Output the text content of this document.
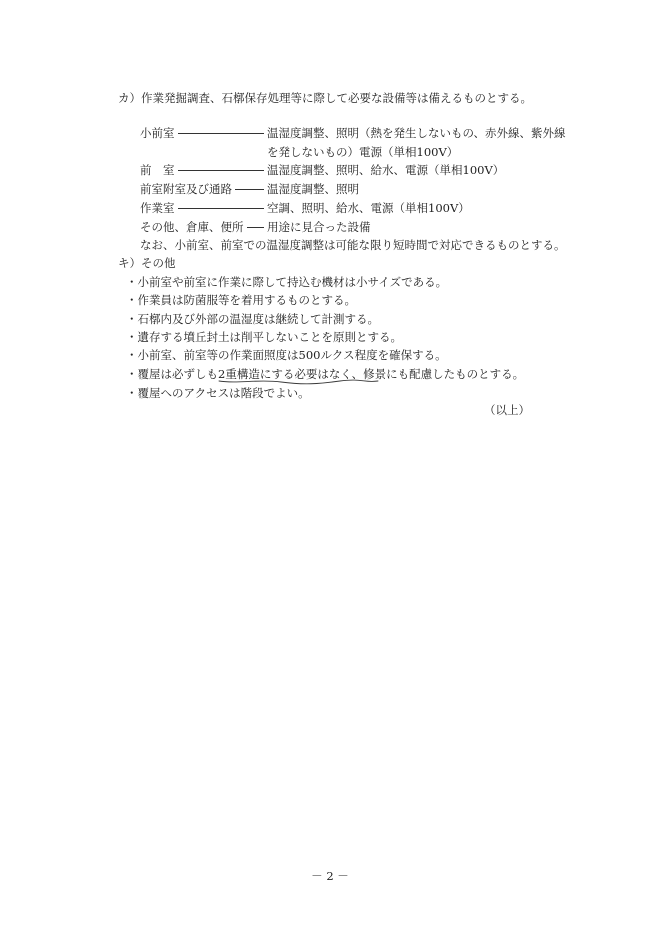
カ）作業発掘調査、石槨保存処理等に際して必要な設備等は備えるものとする。
小前室	温湿度調整、照明（熱を発生しないもの、赤外線、紫外線
を発しないもの）電源（単相100V）
前　室	温湿度調整、照明、給水、電源（単相100V）
前室附室及び通路	温湿度調整、照明
作業室	空調、照明、給水、電源（単相100V）
その他、倉庫、便所 用途に見合った設備
なお、小前室、前室での温湿度調整は可能な限り短時間で対応できるものとする。
キ）その他
・小前室や前室に作業に際して持込む機材は小サイズである。
・作業員は防菌服等を着用するものとする。
・石槨内及び外部の温湿度は継続して計測する。
・遺存する墳丘封土は削平しないことを原則とする。
・小前室、前室等の作業面照度は500ルクス程度を確保する。
・覆屋は必ずしも2重構造にする必要はなく、修景にも配慮したものとする。
・覆屋へのアクセスは階段でよい。
（以上）
－ 2 －
